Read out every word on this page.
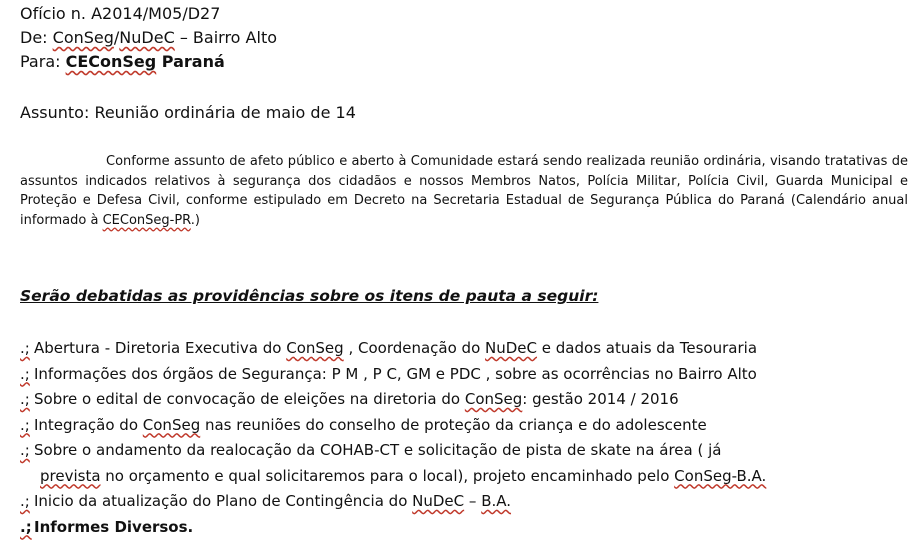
Ofício n. A2014/M05/D27
De: ConSeg/NuDeC – Bairro Alto
Para: CEConSeg Paraná
Assunto: Reunião ordinária de maio de 14
Conforme assunto de afeto público e aberto à Comunidade estará sendo realizada reunião ordinária, visando tratativas de assuntos indicados relativos à segurança dos cidadãos e nossos Membros Natos, Polícia Militar, Polícia Civil, Guarda Municipal e Proteção e Defesa Civil, conforme estipulado em Decreto na Secretaria Estadual de Segurança Pública do Paraná (Calendário anual informado à CEConSeg-PR.)
Serão debatidas as providências sobre os itens de pauta a seguir:
.; Abertura - Diretoria Executiva do ConSeg , Coordenação do NuDeC e dados atuais da Tesouraria
.; Informações dos órgãos de Segurança: P M , P C, GM e PDC , sobre as ocorrências no Bairro Alto
.; Sobre o edital de convocação de eleições na diretoria do ConSeg: gestão 2014 / 2016
.; Integração do ConSeg nas reuniões do conselho de proteção da criança e do adolescente
.; Sobre o andamento da realocação da COHAB-CT e solicitação de pista de skate na área ( já
prevista no orçamento e qual solicitaremos para o local), projeto encaminhado pelo ConSeg-B.A.
.; Inicio da atualização do Plano de Contingência do NuDeC – B.A.
.; Informes Diversos.
